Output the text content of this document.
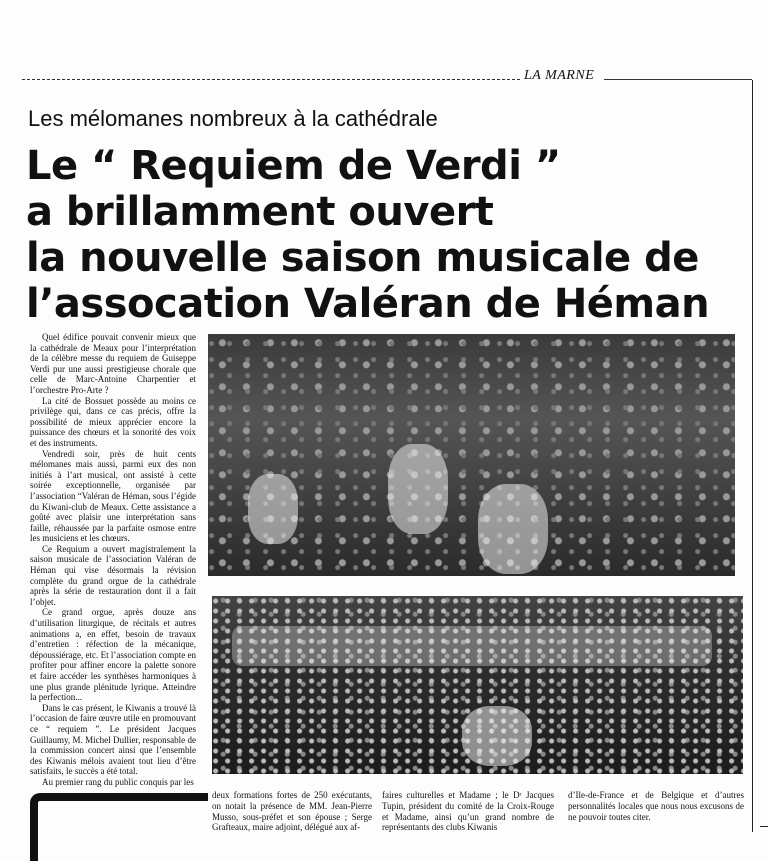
LA MARNE
Les mélomanes nombreux à la cathédrale
Le “ Requiem de Verdi ”
a brillamment ouvert
la nouvelle saison musicale de
l’assocation Valéran de Héman

Quel édifice pouvait convenir mieux que la cathédrale de Meaux pour l’interprétation de la célèbre messe du requiem de Guiseppe Verdi pur une aussi prestigieuse chorale que celle de Marc-Antoine Charpentier et l’orchestre Pro-Arte ?

La cité de Bossuet possède au moins ce privilège qui, dans ce cas précis, offre la possibilité de mieux apprécier encore la puissance des chœurs et la sonorité des voix et des instruments.

Vendredi soir, près de huit cents mélomanes mais aussi, parmi eux des non initiés à l’art musical, ont assisté à cette soirée exceptionnelle, organisée par l’association “Valéran de Héman, sous l’égide du Kiwani-club de Meaux. Cette assistance a goûté avec plaisir une interprétation sans faille, réhaussée par la parfaite osmose entre les musiciens et les chœurs.

Ce Requium a ouvert magistralement la saison musicale de l’association Valéran de Héman qui vise désormais la révision complète du grand orgue de la cathédrale après la série de restauration dont il a fait l’objet.

Ce grand orgue, après douze ans d’utilisation liturgique, de récitals et autres animations a, en effet, besoin de travaux d’entretien : réfection de la mécanique, dépoussiérage, etc. Et l’association compte en profiter pour affiner encore la palette sonore et faire accéder les synthèses harmoniques à une plus grande plénitude lyrique. Atteindre la perfection...

Dans le cas présent, le Kiwanis a trouvé là l’occasion de faire œuvre utile en promouvant ce “ requiem ”. Le président Jacques Guillaumy, M. Michel Dullier, responsable de la commission concert ainsi que l’ensemble des Kiwanis mélois avaient tout lieu d’être satisfaits, le succès a été total.

Au premier rang du public conquis par les

deux formations fortes de 250 exécutants, on notait la présence de MM. Jean-Pierre Musso, sous-préfet et son épouse ; Serge Grafteaux, maire adjoint, délégué aux af-
faires culturelles et Madame ; le Dʳ Jacques Tupin, président du comité de la Croix-Rouge et Madame, ainsi qu’un grand nombre de représentants des clubs Kiwanis
d’Ile-de-France et de Belgique et d’autres personnalités locales que nous nous excusons de ne pouvoir toutes citer.
